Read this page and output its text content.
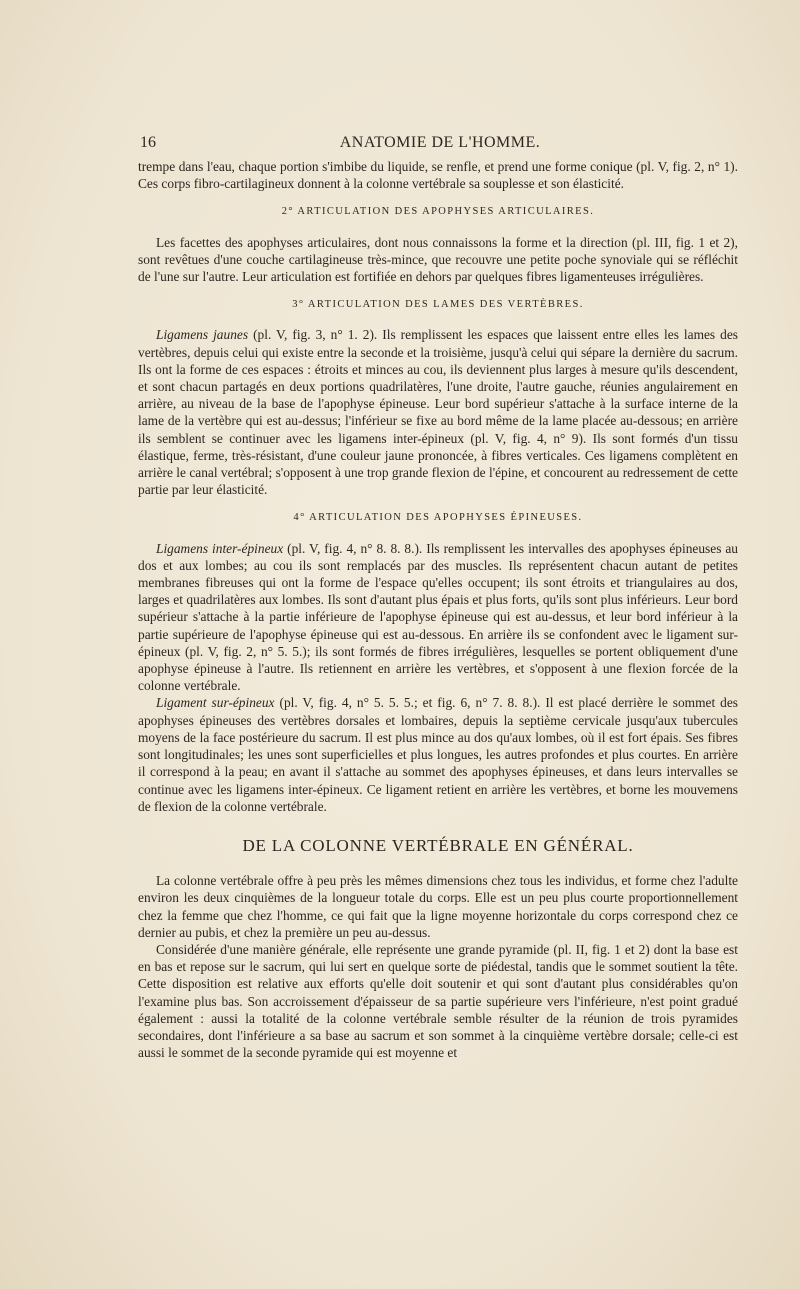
16	ANATOMIE DE L'HOMME.

trempe dans l'eau, chaque portion s'imbibe du liquide, se renfle, et prend une forme conique (pl. V, fig. 2, n° 1). Ces corps fibro-cartilagineux donnent à la colonne vertébrale sa souplesse et son élasticité.

2° ARTICULATION DES APOPHYSES ARTICULAIRES.

Les facettes des apophyses articulaires, dont nous connaissons la forme et la direction (pl. III, fig. 1 et 2), sont revêtues d'une couche cartilagineuse très-mince, que recouvre une petite poche synoviale qui se réfléchit de l'une sur l'autre. Leur articulation est fortifiée en dehors par quelques fibres ligamenteuses irrégulières.

3° ARTICULATION DES LAMES DES VERTÈBRES.

Ligamens jaunes (pl. V, fig. 3, n° 1. 2). Ils remplissent les espaces que laissent entre elles les lames des vertèbres, depuis celui qui existe entre la seconde et la troisième, jusqu'à celui qui sépare la dernière du sacrum. Ils ont la forme de ces espaces : étroits et minces au cou, ils deviennent plus larges à mesure qu'ils descendent, et sont chacun partagés en deux portions quadrilatères, l'une droite, l'autre gauche, réunies angulairement en arrière, au niveau de la base de l'apophyse épineuse. Leur bord supérieur s'attache à la surface interne de la lame de la vertèbre qui est au-dessus; l'inférieur se fixe au bord même de la lame placée au-dessous; en arrière ils semblent se continuer avec les ligamens inter-épineux (pl. V, fig. 4, n° 9). Ils sont formés d'un tissu élastique, ferme, très-résistant, d'une couleur jaune prononcée, à fibres verticales. Ces ligamens complètent en arrière le canal vertébral; s'opposent à une trop grande flexion de l'épine, et concourent au redressement de cette partie par leur élasticité.

4° ARTICULATION DES APOPHYSES ÉPINEUSES.

Ligamens inter-épineux (pl. V, fig. 4, n° 8. 8. 8.). Ils remplissent les intervalles des apophyses épineuses au dos et aux lombes; au cou ils sont remplacés par des muscles. Ils représentent chacun autant de petites membranes fibreuses qui ont la forme de l'espace qu'elles occupent; ils sont étroits et triangulaires au dos, larges et quadrilatères aux lombes. Ils sont d'autant plus épais et plus forts, qu'ils sont plus inférieurs. Leur bord supérieur s'attache à la partie inférieure de l'apophyse épineuse qui est au-dessus, et leur bord inférieur à la partie supérieure de l'apophyse épineuse qui est au-dessous. En arrière ils se confondent avec le ligament sur-épineux (pl. V, fig. 2, n° 5. 5.); ils sont formés de fibres irrégulières, lesquelles se portent obliquement d'une apophyse épineuse à l'autre. Ils retiennent en arrière les vertèbres, et s'opposent à une flexion forcée de la colonne vertébrale.

Ligament sur-épineux (pl. V, fig. 4, n° 5. 5. 5.; et fig. 6, n° 7. 8. 8.). Il est placé derrière le sommet des apophyses épineuses des vertèbres dorsales et lombaires, depuis la septième cervicale jusqu'aux tubercules moyens de la face postérieure du sacrum. Il est plus mince au dos qu'aux lombes, où il est fort épais. Ses fibres sont longitudinales; les unes sont superficielles et plus longues, les autres profondes et plus courtes. En arrière il correspond à la peau; en avant il s'attache au sommet des apophyses épineuses, et dans leurs intervalles se continue avec les ligamens inter-épineux. Ce ligament retient en arrière les vertèbres, et borne les mouvemens de flexion de la colonne vertébrale.

DE LA COLONNE VERTÉBRALE EN GÉNÉRAL.

La colonne vertébrale offre à peu près les mêmes dimensions chez tous les individus, et forme chez l'adulte environ les deux cinquièmes de la longueur totale du corps. Elle est un peu plus courte proportionnellement chez la femme que chez l'homme, ce qui fait que la ligne moyenne horizontale du corps correspond chez ce dernier au pubis, et chez la première un peu au-dessus.

Considérée d'une manière générale, elle représente une grande pyramide (pl. II, fig. 1 et 2) dont la base est en bas et repose sur le sacrum, qui lui sert en quelque sorte de piédestal, tandis que le sommet soutient la tête. Cette disposition est relative aux efforts qu'elle doit soutenir et qui sont d'autant plus considérables qu'on l'examine plus bas. Son accroissement d'épaisseur de sa partie supérieure vers l'inférieure, n'est point gradué également : aussi la totalité de la colonne vertébrale semble résulter de la réunion de trois pyramides secondaires, dont l'inférieure a sa base au sacrum et son sommet à la cinquième vertèbre dorsale; celle-ci est aussi le sommet de la seconde pyramide qui est moyenne et
